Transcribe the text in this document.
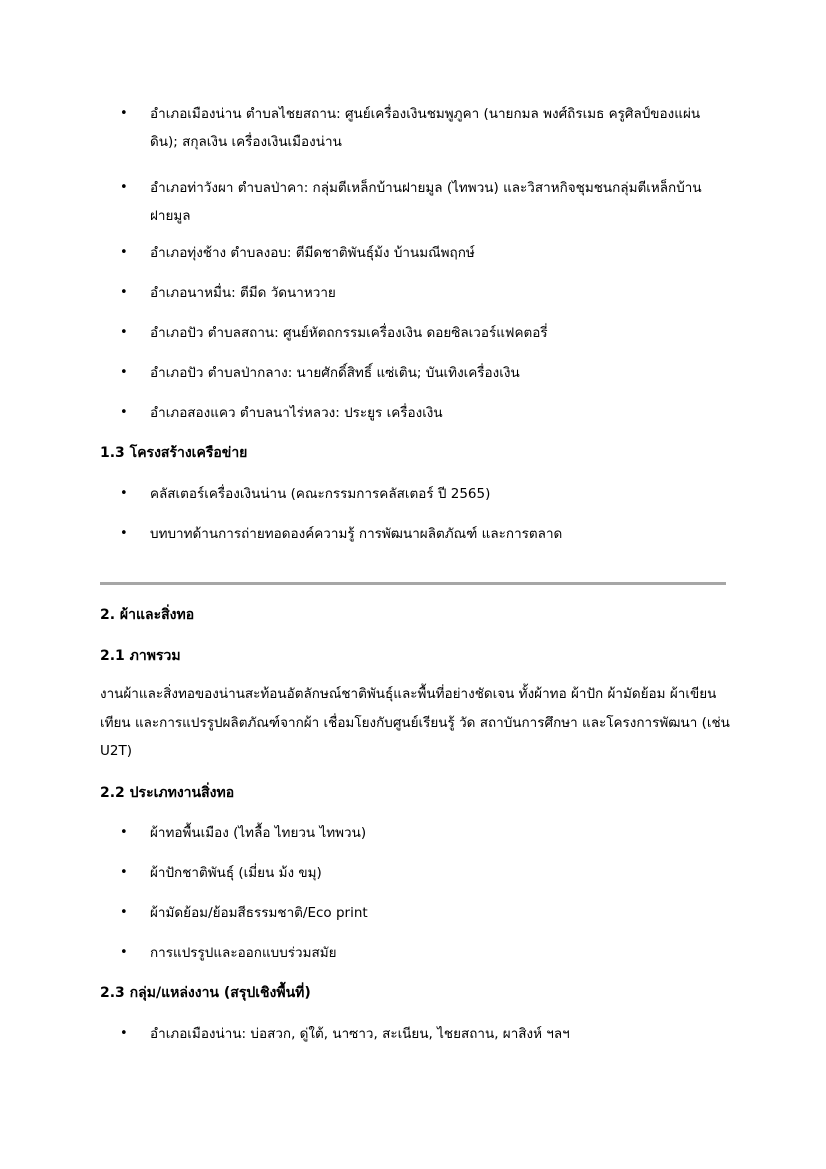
•	อำเภอเมืองน่าน ตำบลไชยสถาน: ศูนย์เครื่องเงินชมพูภูคา (นายกมล พงศ์ถิรเมธ ครูศิลป์ของแผ่นดิน); สกุลเงิน เครื่องเงินเมืองน่าน
•	อำเภอท่าวังผา ตำบลป่าคา: กลุ่มตีเหล็กบ้านฝายมูล (ไทพวน) และวิสาหกิจชุมชนกลุ่มตีเหล็กบ้านฝายมูล
•	อำเภอทุ่งช้าง ตำบลงอบ: ตีมีดชาติพันธุ์ม้ง บ้านมณีพฤกษ์
•	อำเภอนาหมื่น: ตีมีด วัดนาหวาย
•	อำเภอปัว ตำบลสถาน: ศูนย์หัตถกรรมเครื่องเงิน ดอยซิลเวอร์แฟคตอรี่
•	อำเภอปัว ตำบลป่ากลาง: นายศักดิ์สิทธิ์ แซ่เติน; บันเทิงเครื่องเงิน
•	อำเภอสองแคว ตำบลนาไร่หลวง: ประยูร เครื่องเงิน
1.3 โครงสร้างเครือข่าย
•	คลัสเตอร์เครื่องเงินน่าน (คณะกรรมการคลัสเตอร์ ปี 2565)
•	บทบาทด้านการถ่ายทอดองค์ความรู้ การพัฒนาผลิตภัณฑ์ และการตลาด
2. ผ้าและสิ่งทอ
2.1 ภาพรวม
งานผ้าและสิ่งทอของน่านสะท้อนอัตลักษณ์ชาติพันธุ์และพื้นที่อย่างชัดเจน ทั้งผ้าทอ ผ้าปัก ผ้ามัดย้อม ผ้าเขียนเทียน และการแปรรูปผลิตภัณฑ์จากผ้า เชื่อมโยงกับศูนย์เรียนรู้ วัด สถาบันการศึกษา และโครงการพัฒนา (เช่น U2T)
2.2 ประเภทงานสิ่งทอ
•	ผ้าทอพื้นเมือง (ไทลื้อ ไทยวน ไทพวน)
•	ผ้าปักชาติพันธุ์ (เมี่ยน ม้ง ขมุ)
•	ผ้ามัดย้อม/ย้อมสีธรรมชาติ/Eco print
•	การแปรรูปและออกแบบร่วมสมัย
2.3 กลุ่ม/แหล่งงาน (สรุปเชิงพื้นที่)
•	อำเภอเมืองน่าน: บ่อสวก, ดู่ใต้, นาซาว, สะเนียน, ไชยสถาน, ผาสิงห์ ฯลฯ
